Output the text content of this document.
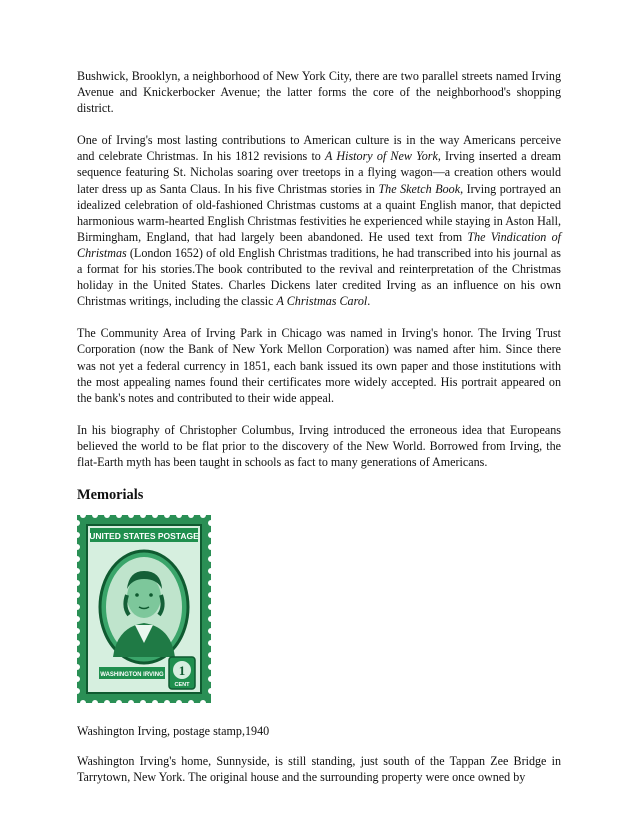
Bushwick, Brooklyn, a neighborhood of New York City, there are two parallel streets named Irving Avenue and Knickerbocker Avenue; the latter forms the core of the neighborhood's shopping district.

One of Irving's most lasting contributions to American culture is in the way Americans perceive and celebrate Christmas. In his 1812 revisions to A History of New York, Irving inserted a dream sequence featuring St. Nicholas soaring over treetops in a flying wagon—a creation others would later dress up as Santa Claus. In his five Christmas stories in The Sketch Book, Irving portrayed an idealized celebration of old-fashioned Christmas customs at a quaint English manor, that depicted harmonious warm-hearted English Christmas festivities he experienced while staying in Aston Hall, Birmingham, England, that had largely been abandoned. He used text from The Vindication of Christmas (London 1652) of old English Christmas traditions, he had transcribed into his journal as a format for his stories.The book contributed to the revival and reinterpretation of the Christmas holiday in the United States. Charles Dickens later credited Irving as an influence on his own Christmas writings, including the classic A Christmas Carol.

The Community Area of Irving Park in Chicago was named in Irving's honor. The Irving Trust Corporation (now the Bank of New York Mellon Corporation) was named after him. Since there was not yet a federal currency in 1851, each bank issued its own paper and those institutions with the most appealing names found their certificates more widely accepted. His portrait appeared on the bank's notes and contributed to their wide appeal.

In his biography of Christopher Columbus, Irving introduced the erroneous idea that Europeans believed the world to be flat prior to the discovery of the New World. Borrowed from Irving, the flat-Earth myth has been taught in schools as fact to many generations of Americans.

Memorials
UNITED STATES POSTAGE
WASHINGTON IRVING 1
CENT

Washington Irving, postage stamp,1940

Washington Irving's home, Sunnyside, is still standing, just south of the Tappan Zee Bridge in Tarrytown, New York. The original house and the surrounding property were once owned by
